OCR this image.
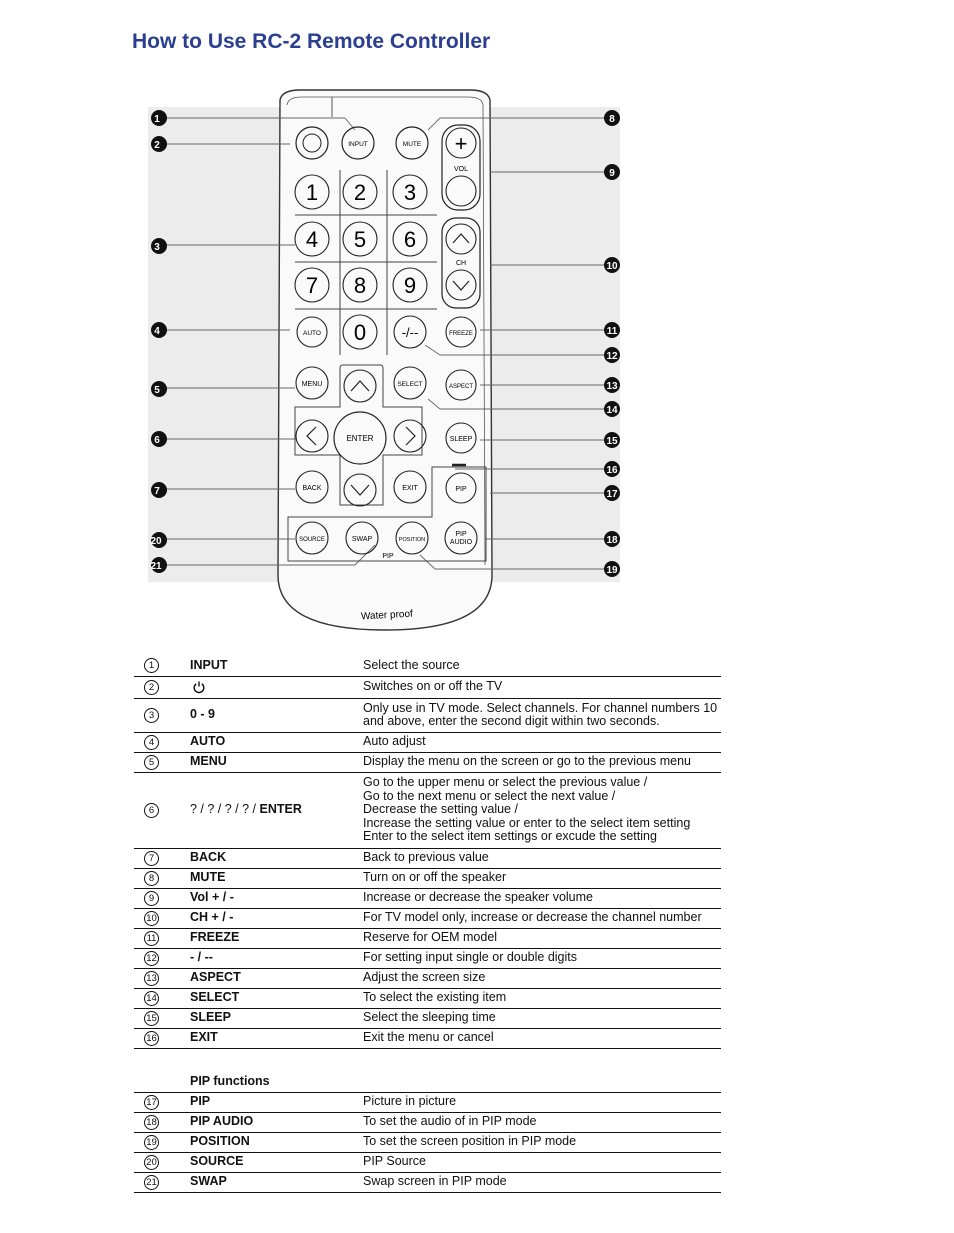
How to Use RC-2 Remote Controller
INPUT	MUTE +
VOL
1 2 3
4 5 6
7 8 9
0	-/--
AUTO
CH
FREEZE
MENU	SELECT	ASPECT
ENTER	SLEEP
BACK	EXIT	PIP
SOURCE	SWAP	POSITION
PIP
AUDIO
PIP
Water proof
1
2
3
4
5
6
7
20
21
8
9
10
11
12
13
14
15
16
17
18
19
1	INPUT	Select the source
2		Switches on or off the TV
3	0 - 9	Only use in TV mode. Select channels. For channel numbers 10 and above, enter the second digit within two seconds.
4	AUTO	Auto adjust
5	MENU	Display the menu on the screen or go to the previous menu
6	? / ? / ? / ? / ENTER	Go to the upper menu or select the previous value /
Go to the next menu or select the next value /
Decrease the setting value /
Increase the setting value or enter to the select item setting
Enter to the select item settings or excude the setting

7	BACK	Back to previous value
8	MUTE	Turn on or off the speaker
9	Vol + / -	Increase or decrease the speaker volume
10	CH + / -	For TV model only, increase or decrease the channel number
11	FREEZE	Reserve for OEM model
12	- / --	For setting input single or double digits
13	ASPECT	Adjust the screen size
14	SELECT	To select the existing item
15	SLEEP	Select the sleeping time
16	EXIT	Exit the menu or cancel
	PIP functions	
17	PIP	Picture in picture
18	PIP AUDIO	To set the audio of in PIP mode
19	POSITION	To set the screen position in PIP mode
20	SOURCE	PIP Source
21	SWAP	Swap screen in PIP mode
